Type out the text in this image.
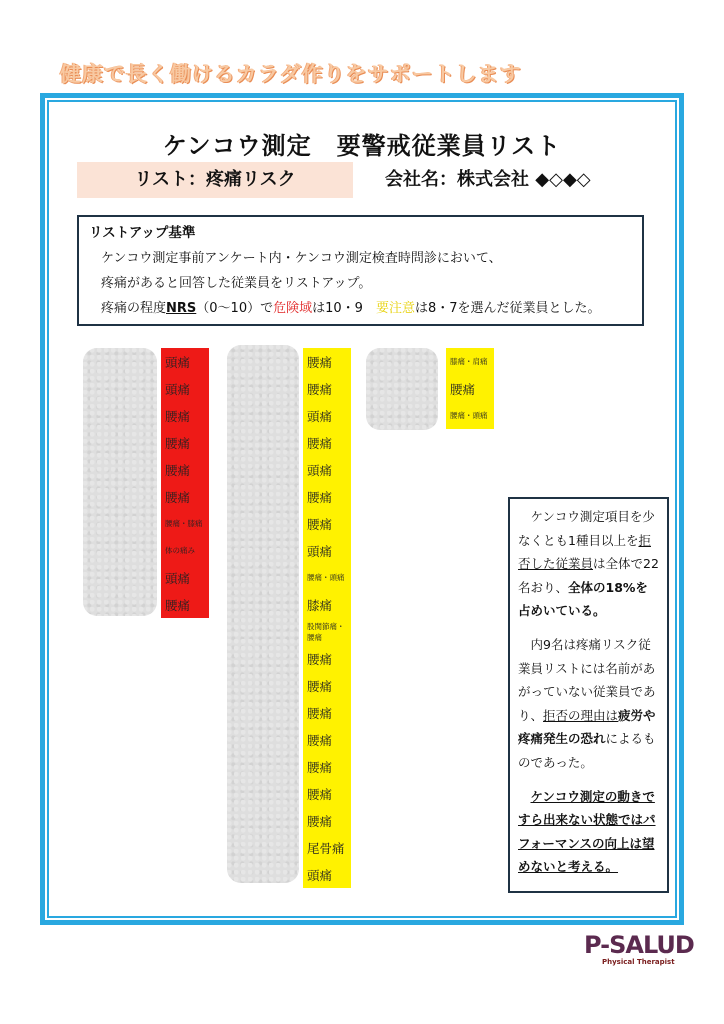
健康で長く働けるカラダ作りをサポートします
ケンコウ測定　要警戒従業員リスト
リスト：疼痛リスク	会社名：株式会社 ◆◇◆◇
リストアップ基準
ケンコウ測定事前アンケート内・ケンコウ測定検査時問診において、
疼痛があると回答した従業員をリストアップ。
疼痛の程度NRS（0〜10）で危険域は10・9　要注意は8・7を選んだ従業員とした。
頭痛
頭痛
腰痛
腰痛
腰痛
腰痛
腰痛・膝痛
体の痛み
頭痛
腰痛
腰痛
腰痛
頭痛
腰痛
頭痛
腰痛
腰痛
頭痛
腰痛・頭痛
膝痛
股関節痛・腰痛
腰痛
腰痛
腰痛
腰痛
腰痛
腰痛
腰痛
尾骨痛
頭痛
膝痛・肩痛
腰痛
腰痛・頭痛

ケンコウ測定項目を少なくとも1種目以上を拒否した従業員は全体で22名おり、全体の18%を占めいている。

内9名は疼痛リスク従業員リストには名前があがっていない従業員であり、拒否の理由は疲労や疼痛発生の恐れによるものであった。

ケンコウ測定の動きですら出来ない状態ではパフォーマンスの向上は望めないと考える。

P-SALUD
Physical Therapist
